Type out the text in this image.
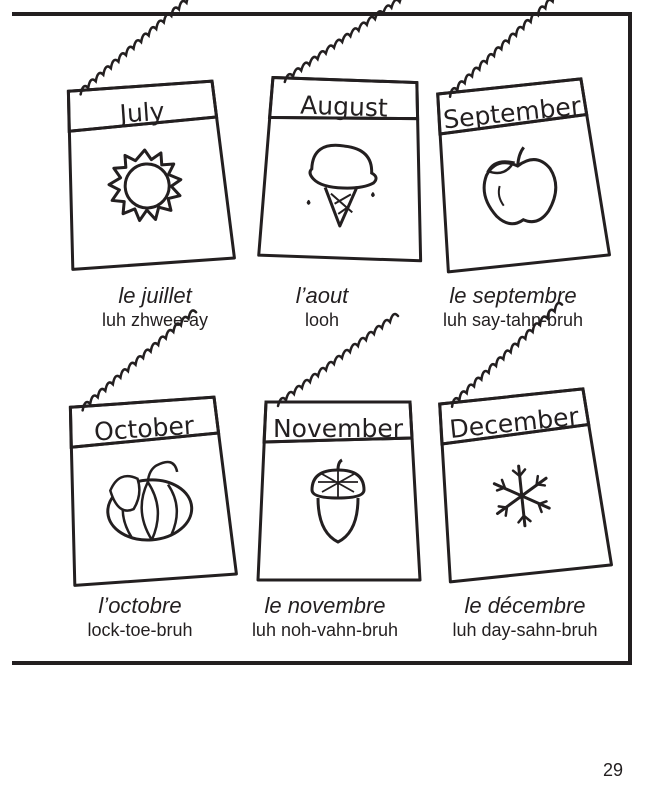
July
le juillet
luh zhwee-ay
August
l’aout
looh
September
le septembre
luh say-tahn-bruh
October
l’octobre
lock-toe-bruh
November
le novembre
luh noh-vahn-bruh
December
le décembre
luh day-sahn-bruh
29
